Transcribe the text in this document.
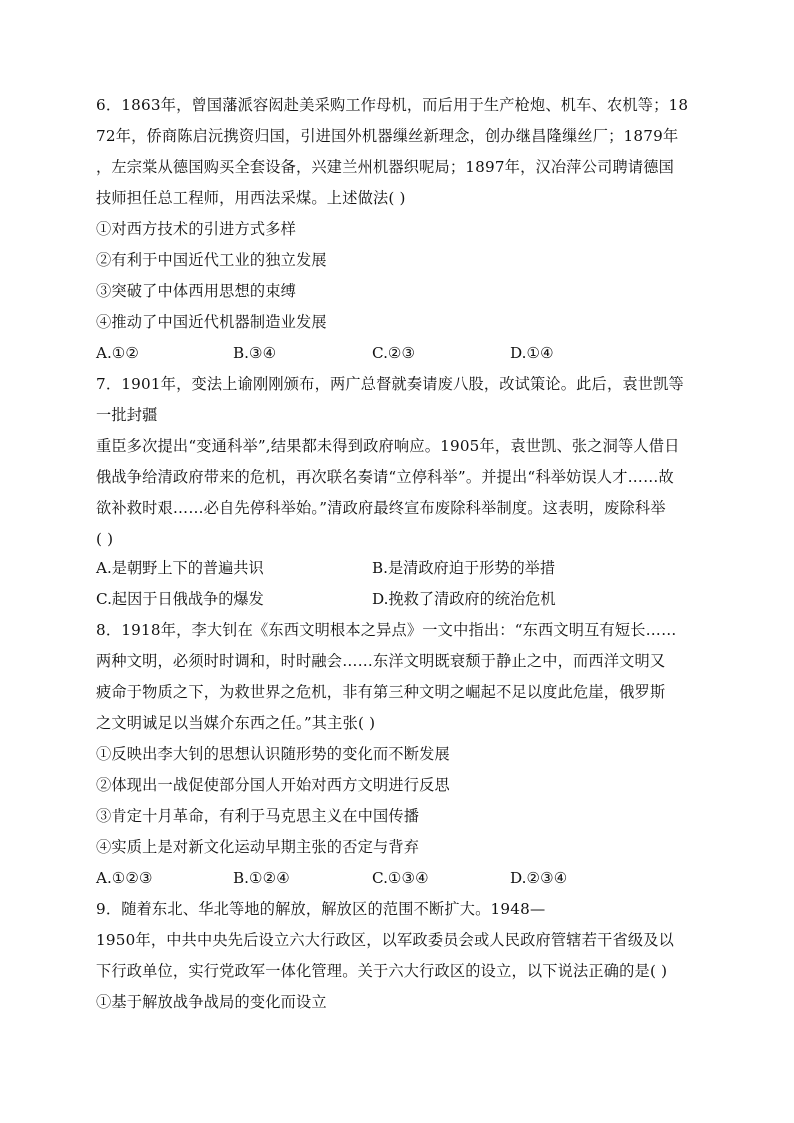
6．1863年，曾国藩派容闳赴美采购工作母机，而后用于生产枪炮、机车、农机等；18
72年，侨商陈启沅携资归国，引进国外机器缫丝新理念，创办继昌隆缫丝厂；1879年
，左宗棠从德国购买全套设备，兴建兰州机器织呢局；1897年，汉冶萍公司聘请德国
技师担任总工程师，用西法采煤。上述做法( )
①对西方技术的引进方式多样
②有利于中国近代工业的独立发展
③突破了中体西用思想的束缚
④推动了中国近代机器制造业发展
A.①②	B.③④	C.②③	D.①④
7．1901年，变法上谕刚刚颁布，两广总督就奏请废八股，改试策论。此后，袁世凯等
一批封疆
重臣多次提出“变通科举”,结果都未得到政府响应。1905年，袁世凯、张之洞等人借日
俄战争给清政府带来的危机，再次联名奏请“立停科举”。并提出“科举妨误人才……故
欲补救时艰……必自先停科举始。”清政府最终宣布废除科举制度。这表明，废除科举
( )
A.是朝野上下的普遍共识	B.是清政府迫于形势的举措
C.起因于日俄战争的爆发	D.挽救了清政府的统治危机
8．1918年，李大钊在《东西文明根本之异点》一文中指出：“东西文明互有短长……
两种文明，必须时时调和，时时融会……东洋文明既衰颓于静止之中，而西洋文明又
疲命于物质之下，为救世界之危机，非有第三种文明之崛起不足以度此危崖，俄罗斯
之文明诚足以当媒介东西之任。”其主张( )
①反映出李大钊的思想认识随形势的变化而不断发展
②体现出一战促使部分国人开始对西方文明进行反思
③肯定十月革命，有利于马克思主义在中国传播
④实质上是对新文化运动早期主张的否定与背弃
A.①②③	B.①②④	C.①③④	D.②③④
9．随着东北、华北等地的解放，解放区的范围不断扩大。1948—
1950年，中共中央先后设立六大行政区，以军政委员会或人民政府管辖若干省级及以
下行政单位，实行党政军一体化管理。关于六大行政区的设立，以下说法正确的是( )
①基于解放战争战局的变化而设立
